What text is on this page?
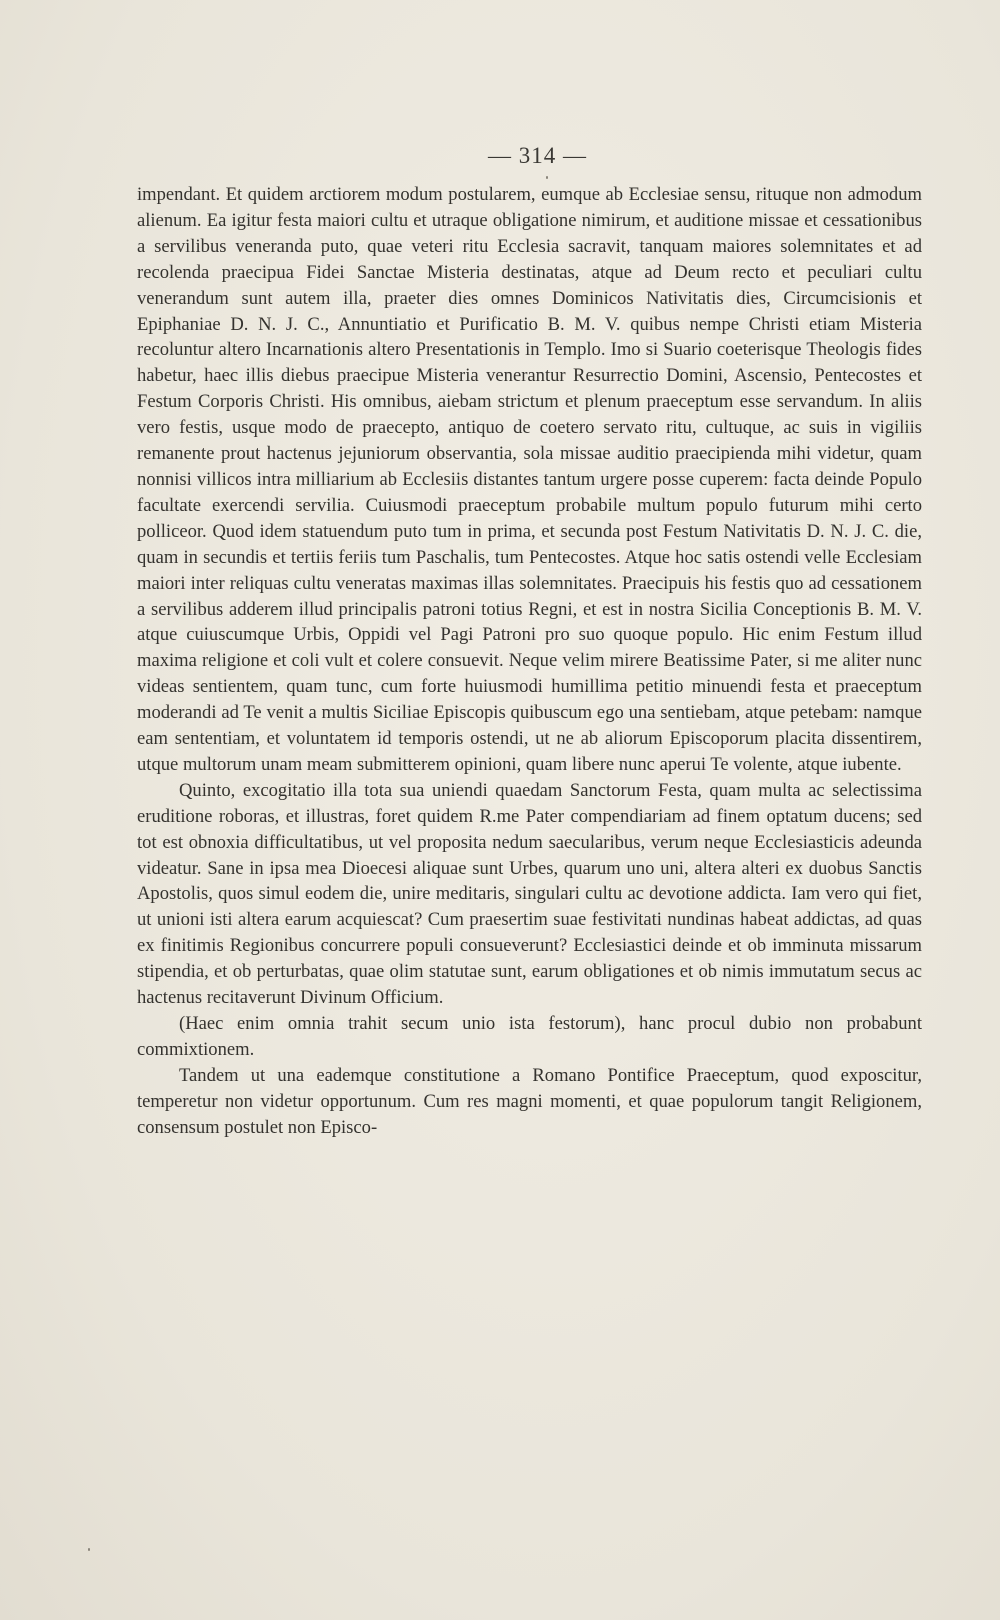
— 314 —

impendant. Et quidem arctiorem modum postularem, eumque ab Ecclesiae sensu, rituque non admodum alienum. Ea igitur festa maiori cultu et utraque obligatione nimirum, et auditione missae et cessationibus a servilibus veneranda puto, quae veteri ritu Ecclesia sacravit, tanquam maiores solemnitates et ad recolenda praecipua Fidei Sanctae Misteria destinatas, atque ad Deum recto et peculiari cultu venerandum sunt autem illa, praeter dies omnes Dominicos Nativitatis dies, Circumcisionis et Epiphaniae D. N. J. C., Annuntiatio et Purificatio B. M. V. quibus nempe Christi etiam Misteria recoluntur altero Incarnationis altero Presentationis in Templo. Imo si Suario coeterisque Theologis fides habetur, haec illis diebus praecipue Misteria venerantur Resurrectio Domini, Ascensio, Pentecostes et Festum Corporis Christi. His omnibus, aiebam strictum et plenum praeceptum esse servandum. In aliis vero festis, usque modo de praecepto, antiquo de coetero servato ritu, cultuque, ac suis in vigiliis remanente prout hactenus jejuniorum observantia, sola missae auditio praecipienda mihi videtur, quam nonnisi villicos intra milliarium ab Ecclesiis distantes tantum urgere posse cuperem: facta deinde Populo facultate exercendi servilia. Cuiusmodi praeceptum probabile multum populo futurum mihi certo polliceor. Quod idem statuendum puto tum in prima, et secunda post Festum Nativitatis D. N. J. C. die, quam in secundis et tertiis feriis tum Paschalis, tum Pentecostes. Atque hoc satis ostendi velle Ecclesiam maiori inter reliquas cultu veneratas maximas illas solemnitates. Praecipuis his festis quo ad cessationem a servilibus adderem illud principalis patroni totius Regni, et est in nostra Sicilia Conceptionis B. M. V. atque cuiuscumque Urbis, Oppidi vel Pagi Patroni pro suo quoque populo. Hic enim Festum illud maxima religione et coli vult et colere consuevit. Neque velim mirere Beatissime Pater, si me aliter nunc videas sentientem, quam tunc, cum forte huiusmodi humillima petitio minuendi festa et praeceptum moderandi ad Te venit a multis Siciliae Episcopis quibuscum ego una sentiebam, atque petebam: namque eam sententiam, et voluntatem id temporis ostendi, ut ne ab aliorum Episcoporum placita dissentirem, utque multorum unam meam submitterem opinioni, quam libere nunc aperui Te volente, atque iubente.

Quinto, excogitatio illa tota sua uniendi quaedam Sanctorum Festa, quam multa ac selectissima eruditione roboras, et illustras, foret quidem R.me Pater compendiariam ad finem optatum ducens; sed tot est obnoxia difficultatibus, ut vel proposita nedum saecularibus, verum neque Ecclesiasticis adeunda videatur. Sane in ipsa mea Dioecesi aliquae sunt Urbes, quarum uno uni, altera alteri ex duobus Sanctis Apostolis, quos simul eodem die, unire meditaris, singulari cultu ac devotione addicta. Iam vero qui fiet, ut unioni isti altera earum acquiescat? Cum praesertim suae festivitati nundinas habeat addictas, ad quas ex finitimis Regionibus concurrere populi consueverunt? Ecclesiastici deinde et ob imminuta missarum stipendia, et ob perturbatas, quae olim statutae sunt, earum obligationes et ob nimis immutatum secus ac hactenus recitaverunt Divinum Officium.

(Haec enim omnia trahit secum unio ista festorum), hanc procul dubio non probabunt commixtionem.

Tandem ut una eademque constitutione a Romano Pontifice Praeceptum, quod exposcitur, temperetur non videtur opportunum. Cum res magni momenti, et quae populorum tangit Religionem, consensum postulet non Episco-
